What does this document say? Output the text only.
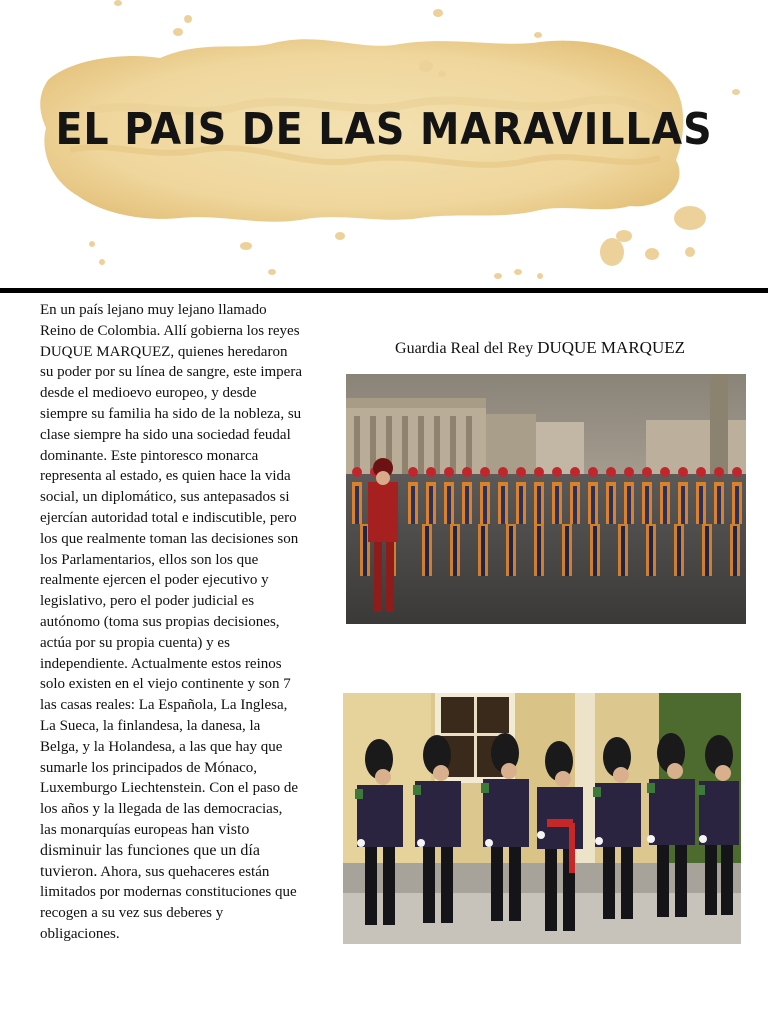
EL PAIS DE LAS MARAVILLAS
En un país lejano muy lejano llamado Reino de Colombia. Allí gobierna los reyes DUQUE MARQUEZ, quienes heredaron su poder por su línea de sangre, este impera desde el medioevo europeo, y desde siempre su familia ha sido de la nobleza, su clase siempre ha sido una sociedad feudal dominante. Este pintoresco monarca representa al estado, es quien hace la vida social, un diplomático, sus antepasados si ejercían autoridad total e indiscutible, pero los que realmente toman las decisiones son los Parlamentarios, ellos son los que realmente ejercen el poder ejecutivo y legislativo, pero el poder judicial es autónomo (toma sus propias decisiones, actúa por su propia cuenta) y es independiente. Actualmente estos reinos solo existen en el viejo continente y son 7 las casas reales: La Española, La Inglesa, La Sueca, la finlandesa, la danesa, la Belga, y la Holandesa, a las que hay que sumarle los principados de Mónaco, Luxemburgo Liechtenstein. Con el paso de los años y la llegada de las democracias, las monarquías europeas han visto disminuir las funciones que un día tuvieron. Ahora, sus quehaceres están limitados por modernas constituciones que recogen a su vez sus deberes y obligaciones.
Guardia Real del Rey DUQUE MARQUEZ
